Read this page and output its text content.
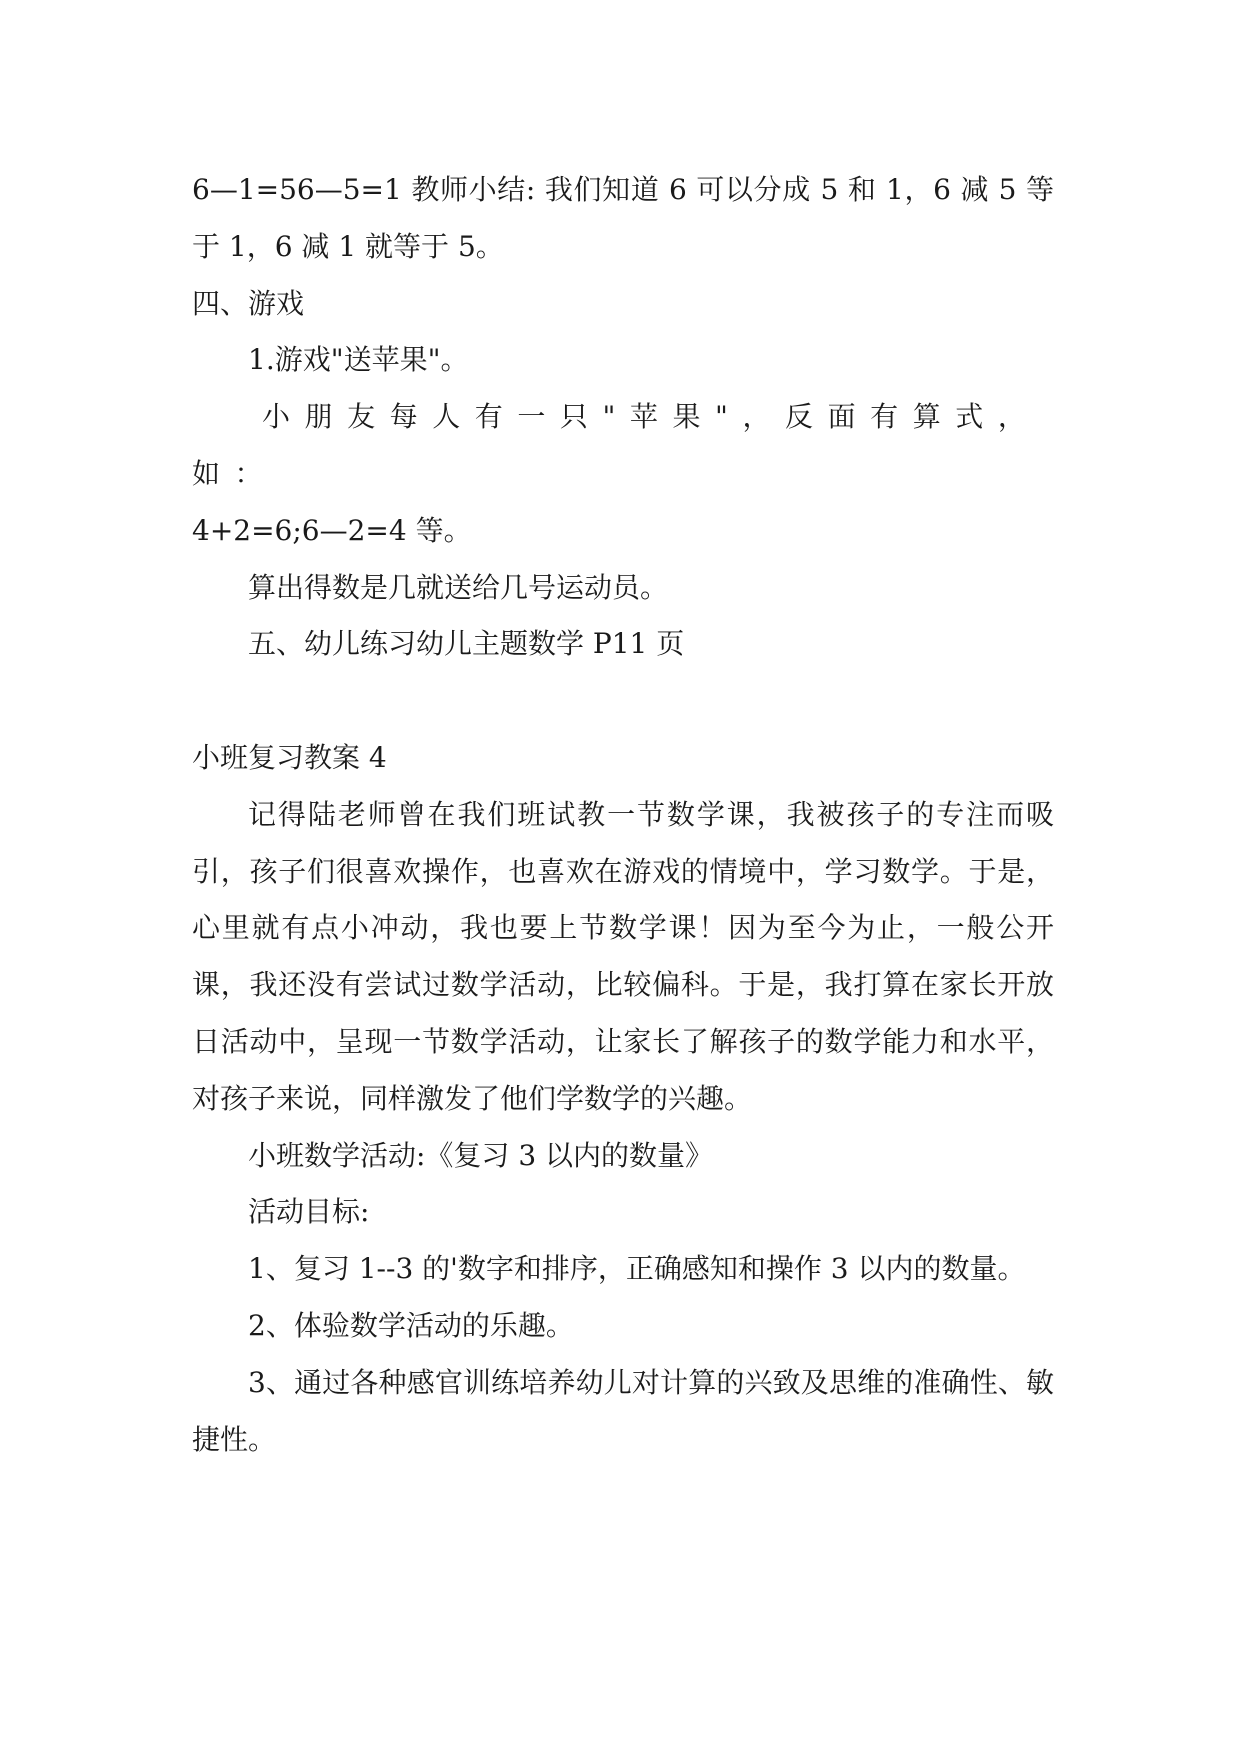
6—1=56—5=1 教师小结: 我们知道 6 可以分成 5 和 1，6 减 5 等于 1，6 减 1 就等于 5。

四、游戏

1.游戏"送苹果"。

小朋友每人有一只"苹果"，反面有算式，如：

4+2=6;6—2=4 等。

算出得数是几就送给几号运动员。

五、幼儿练习幼儿主题数学 P11 页

小班复习教案 4

记得陆老师曾在我们班试教一节数学课，我被孩子的专注而吸引，孩子们很喜欢操作，也喜欢在游戏的情境中，学习数学。于是，心里就有点小冲动，我也要上节数学课！因为至今为止，一般公开课，我还没有尝试过数学活动，比较偏科。于是，我打算在家长开放日活动中，呈现一节数学活动，让家长了解孩子的数学能力和水平，对孩子来说，同样激发了他们学数学的兴趣。

小班数学活动:《复习 3 以内的数量》

活动目标:

1、复习 1--3 的'数字和排序，正确感知和操作 3 以内的数量。

2、体验数学活动的乐趣。

3、通过各种感官训练培养幼儿对计算的兴致及思维的准确性、敏捷性。
